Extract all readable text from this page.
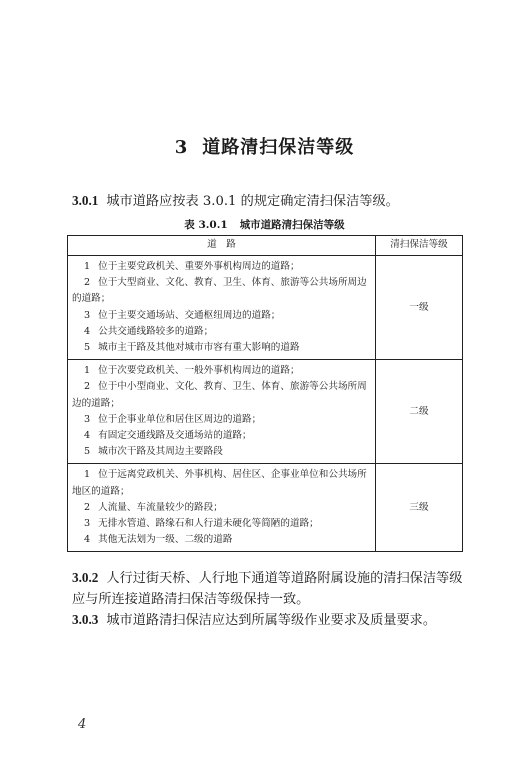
3 道路清扫保洁等级
3.0.1 城市道路应按表 3.0.1 的规定确定清扫保洁等级。
表 3.0.1 城市道路清扫保洁等级
道　路	清扫保洁等级

1 位于主要党政机关、重要外事机构周边的道路；
2 位于大型商业、文化、教育、卫生、体育、旅游等公共场所周边的道路；
3 位于主要交通场站、交通枢纽周边的道路；
4 公共交通线路较多的道路；
5 城市主干路及其他对城市市容有重大影响的道路	一级

1 位于次要党政机关、一般外事机构周边的道路；
2 位于中小型商业、文化、教育、卫生、体育、旅游等公共场所周边的道路；
3 位于企事业单位和居住区周边的道路；
4 有固定交通线路及交通场站的道路；
5 城市次干路及其周边主要路段	二级

1 位于远离党政机关、外事机构、居住区、企事业单位和公共场所地区的道路；
2 人流量、车流量较少的路段；
3 无排水管道、路缘石和人行道未硬化等简陋的道路；
4 其他无法划为一级、二级的道路	三级
3.0.2 人行过街天桥、人行地下通道等道路附属设施的清扫保洁等级应与所连接道路清扫保洁等级保持一致。
3.0.3 城市道路清扫保洁应达到所属等级作业要求及质量要求。
4
